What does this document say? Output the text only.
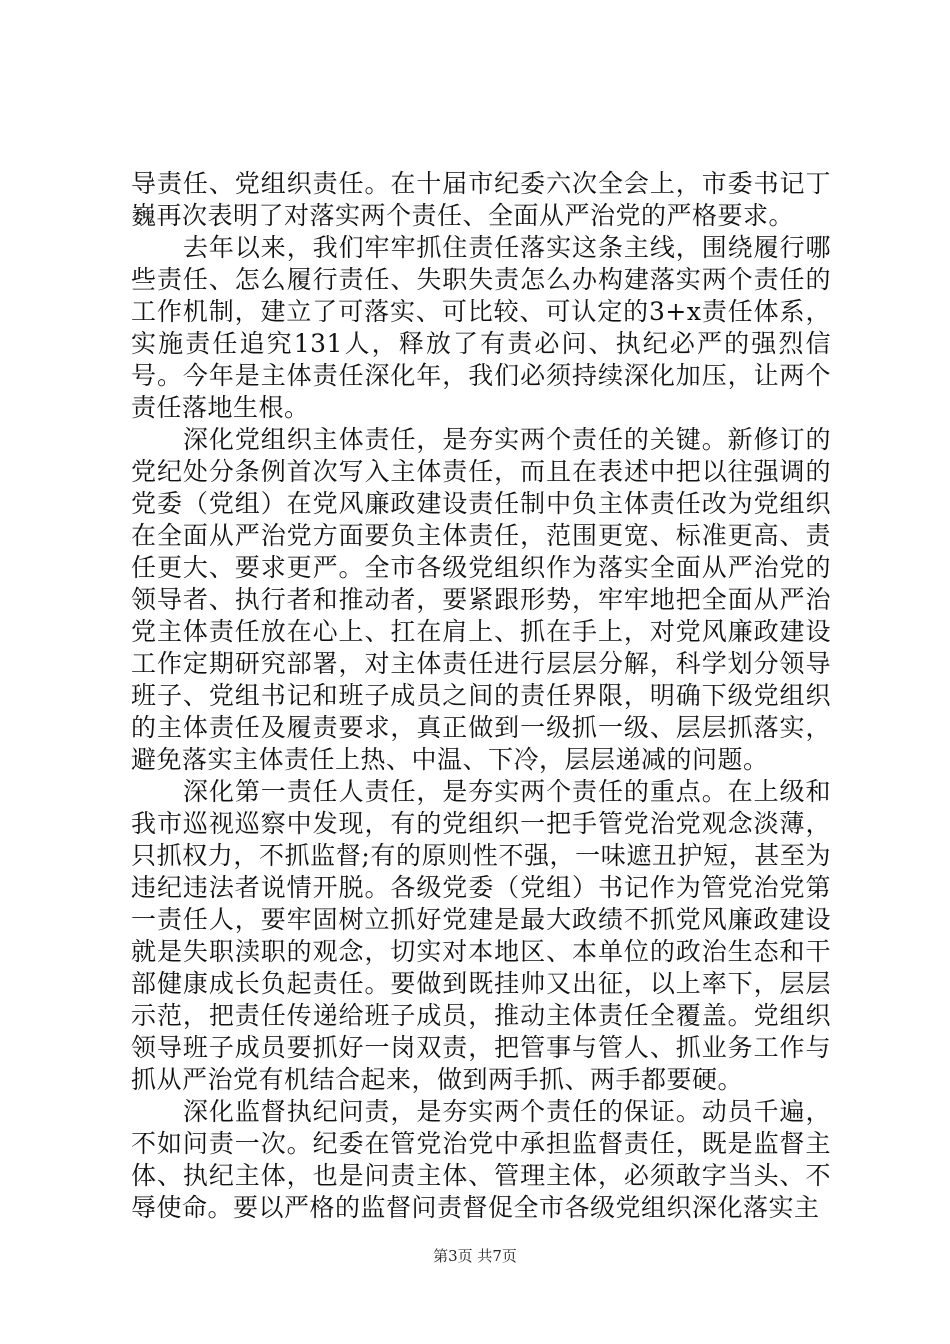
导责任、党组织责任。在十届市纪委六次全会上，市委书记丁巍再次表明了对落实两个责任、全面从严治党的严格要求。

去年以来，我们牢牢抓住责任落实这条主线，围绕履行哪些责任、怎么履行责任、失职失责怎么办构建落实两个责任的工作机制，建立了可落实、可比较、可认定的3+x责任体系，实施责任追究131人，释放了有责必问、执纪必严的强烈信号。今年是主体责任深化年，我们必须持续深化加压，让两个责任落地生根。

深化党组织主体责任，是夯实两个责任的关键。新修订的党纪处分条例首次写入主体责任，而且在表述中把以往强调的党委（党组）在党风廉政建设责任制中负主体责任改为党组织在全面从严治党方面要负主体责任，范围更宽、标准更高、责任更大、要求更严。全市各级党组织作为落实全面从严治党的领导者、执行者和推动者，要紧跟形势，牢牢地把全面从严治党主体责任放在心上、扛在肩上、抓在手上，对党风廉政建设工作定期研究部署，对主体责任进行层层分解，科学划分领导班子、党组书记和班子成员之间的责任界限，明确下级党组织的主体责任及履责要求，真正做到一级抓一级、层层抓落实，避免落实主体责任上热、中温、下冷，层层递减的问题。

深化第一责任人责任，是夯实两个责任的重点。在上级和我市巡视巡察中发现，有的党组织一把手管党治党观念淡薄，只抓权力，不抓监督;有的原则性不强，一味遮丑护短，甚至为违纪违法者说情开脱。各级党委（党组）书记作为管党治党第一责任人，要牢固树立抓好党建是最大政绩不抓党风廉政建设就是失职渎职的观念，切实对本地区、本单位的政治生态和干部健康成长负起责任。要做到既挂帅又出征，以上率下，层层示范，把责任传递给班子成员，推动主体责任全覆盖。党组织领导班子成员要抓好一岗双责，把管事与管人、抓业务工作与抓从严治党有机结合起来，做到两手抓、两手都要硬。

深化监督执纪问责，是夯实两个责任的保证。动员千遍，不如问责一次。纪委在管党治党中承担监督责任，既是监督主体、执纪主体，也是问责主体、管理主体，必须敢字当头、不辱使命。要以严格的监督问责督促全市各级党组织深化落实主

第3页 共7页
